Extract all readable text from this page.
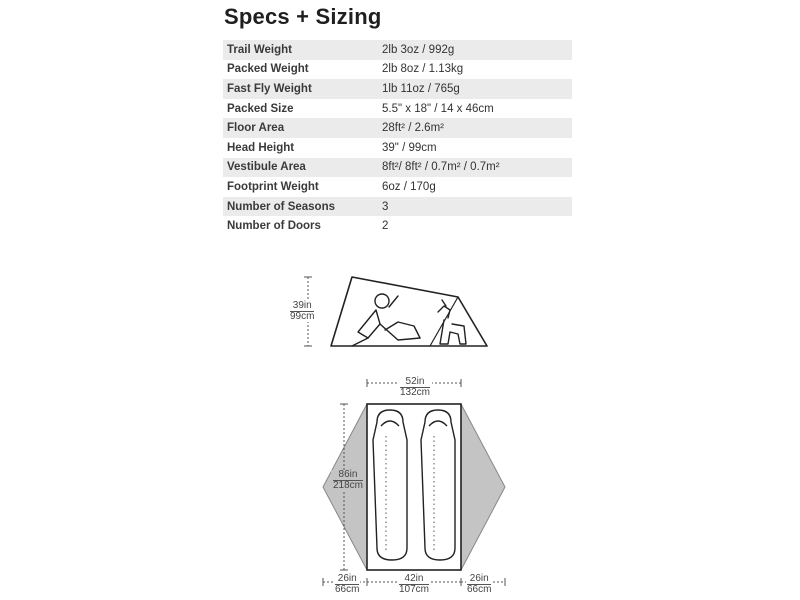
Specs + Sizing
Trail Weight	2lb 3oz / 992g
Packed Weight	2lb 8oz / 1.13kg
Fast Fly Weight	1lb 11oz / 765g
Packed Size	5.5" x 18" / 14 x 46cm
Floor Area	28ft² / 2.6m²
Head Height	39" / 99cm
Vestibule Area	8ft²/ 8ft² / 0.7m² / 0.7m²
Footprint Weight	6oz / 170g
Number of Seasons	3
Number of Doors	2
39in
99cm
52in
132cm
86in
218cm
26in
66cm
42in
107cm
26in
66cm
